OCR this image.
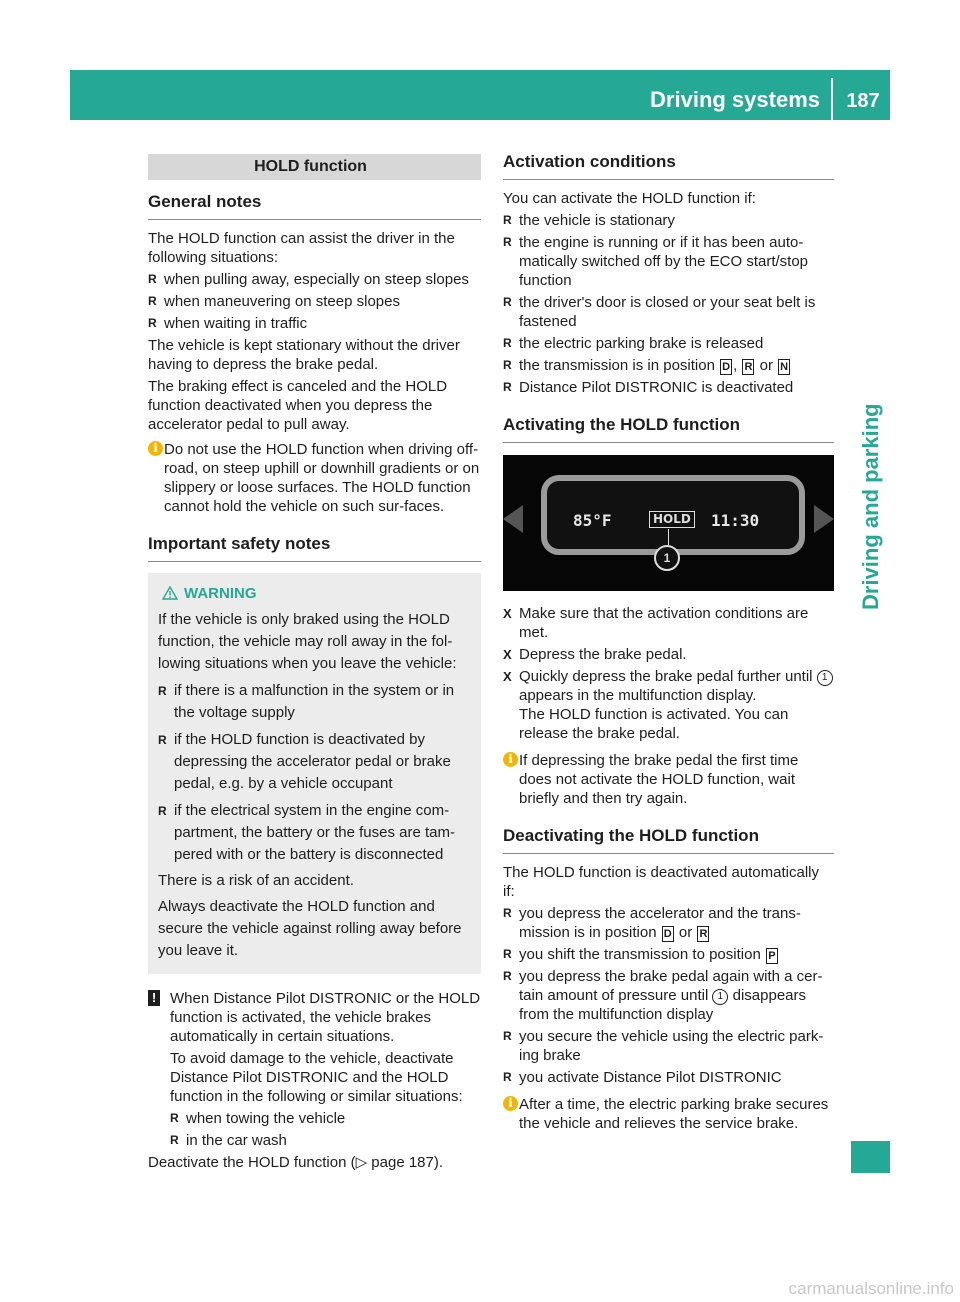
Driving systems	187
Driving and parking
HOLD function
General notes

The HOLD function can assist the driver in the following situations:

R when pulling away, especially on steep slopes

R when maneuvering on steep slopes

R when waiting in traffic

The vehicle is kept stationary without the driver having to depress the brake pedal.

The braking effect is canceled and the HOLD function deactivated when you depress the accelerator pedal to pull away.

i Do not use the HOLD function when driving off-road, on steep uphill or downhill gradients or on slippery or loose surfaces. The HOLD function cannot hold the vehicle on such sur-faces.
Important safety notes
WARNING

If the vehicle is only braked using the HOLD function, the vehicle may roll away in the fol-lowing situations when you leave the vehicle:

R if there is a malfunction in the system or in the voltage supply

R if the HOLD function is deactivated by depressing the accelerator pedal or brake pedal, e.g. by a vehicle occupant

R if the electrical system in the engine com-partment, the battery or the fuses are tam-pered with or the battery is disconnected

There is a risk of an accident.

Always deactivate the HOLD function and secure the vehicle against rolling away before you leave it.

! When Distance Pilot DISTRONIC or the HOLD function is activated, the vehicle brakes automatically in certain situations.

To avoid damage to the vehicle, deactivate Distance Pilot DISTRONIC and the HOLD function in the following or similar situations:

R when towing the vehicle

R in the car wash

Deactivate the HOLD function (▷ page 187).

Activation conditions

You can activate the HOLD function if:

R the vehicle is stationary

R the engine is running or if it has been auto-matically switched off by the ECO start/stop function

R the driver's door is closed or your seat belt is fastened

R the electric parking brake is released

R the transmission is in position D , R or N

R Distance Pilot DISTRONIC is deactivated

Activating the HOLD function
85°F	HOLD 11:30
1

X Make sure that the activation conditions are met.

X Depress the brake pedal.

X Quickly depress the brake pedal further until 1 appears in the multifunction display.

The HOLD function is activated. You can release the brake pedal.

i If depressing the brake pedal the first time does not activate the HOLD function, wait briefly and then try again.
Deactivating the HOLD function

The HOLD function is deactivated automatically if:

R you depress the accelerator and the trans-mission is in position D or R

R you shift the transmission to position P

R you depress the brake pedal again with a cer-tain amount of pressure until 1 disappears from the multifunction display

R you secure the vehicle using the electric park-ing brake

R you activate Distance Pilot DISTRONIC

i After a time, the electric parking brake secures the vehicle and relieves the service brake.
carmanualsonline.info
